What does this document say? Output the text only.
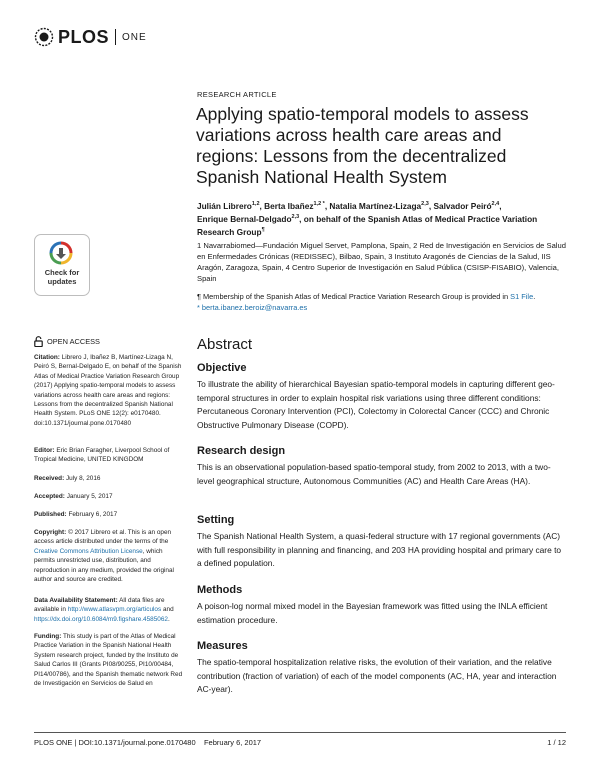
PLOS ONE
Check for
updates
RESEARCH ARTICLE
Applying spatio-temporal models to assess variations across health care areas and regions: Lessons from the decentralized Spanish National Health System
Julián Librero$^{1,2}$, Berta Ibañez$^{1,2 *}$, Natalia Martínez-Lizaga$^{2,3}$, Salvador Peiró$^{2,4}$,
Enrique Bernal-Delgado$^{2,3}$, on behalf of the Spanish Atlas of Medical Practice Variation Research Group¶
1 Navarrabiomed—Fundación Miguel Servet, Pamplona, Spain, 2 Red de Investigación en Servicios de Salud en Enfermedades Crónicas (REDISSEC), Bilbao, Spain, 3 Instituto Aragonés de Ciencias de la Salud, IIS Aragón, Zaragoza, Spain, 4 Centro Superior de Investigación en Salud Pública (CSISP-FISABIO), Valencia, Spain
¶ Membership of the Spanish Atlas of Medical Practice Variation Research Group is provided in S1 File.
* berta.ibanez.beroiz@navarra.es
Abstract
Objective

To illustrate the ability of hierarchical Bayesian spatio-temporal models in capturing different geo-temporal structures in order to explain hospital risk variations using three different conditions: Percutaneous Coronary Intervention (PCI), Colectomy in Colorectal Cancer (CCC) and Chronic Obstructive Pulmonary Disease (COPD).

Research design

This is an observational population-based spatio-temporal study, from 2002 to 2013, with a two-level geographical structure, Autonomous Communities (AC) and Health Care Areas (HA).

Setting

The Spanish National Health System, a quasi-federal structure with 17 regional governments (AC) with full responsibility in planning and financing, and 203 HA providing hospital and primary care to a defined population.

Methods

A poison-log normal mixed model in the Bayesian framework was fitted using the INLA efficient estimation procedure.

Measures

The spatio-temporal hospitalization relative risks, the evolution of their variation, and the relative contribution (fraction of variation) of each of the model components (AC, HA, year and interaction AC-year).

OPEN ACCESS

Citation: Librero J, Ibañez B, Martínez-Lizaga N, Peiró S, Bernal-Delgado E, on behalf of the Spanish Atlas of Medical Practice Variation Research Group (2017) Applying spatio-temporal models to assess variations across health care areas and regions: Lessons from the decentralized Spanish National Health System. PLoS ONE 12(2): e0170480. doi:10.1371/journal.pone.0170480

Editor: Eric Brian Faragher, Liverpool School of Tropical Medicine, UNITED KINGDOM

Received: July 8, 2016

Accepted: January 5, 2017

Published: February 6, 2017

Copyright: © 2017 Librero et al. This is an open access article distributed under the terms of the Creative Commons Attribution License, which permits unrestricted use, distribution, and reproduction in any medium, provided the original author and source are credited.

Data Availability Statement: All data files are available in http://www.atlasvpm.org/articulos and https://dx.doi.org/10.6084/m9.figshare.4585062.

Funding: This study is part of the Atlas of Medical Practice Variation in the Spanish National Health System research project, funded by the Instituto de Salud Carlos III (Grants PI08/90255, PI10/00484, PI14/00786), and the Spanish thematic network Red de Investigación en Servicios de Salud en

PLOS ONE | DOI:10.1371/journal.pone.0170480    February 6, 2017	1 / 12
